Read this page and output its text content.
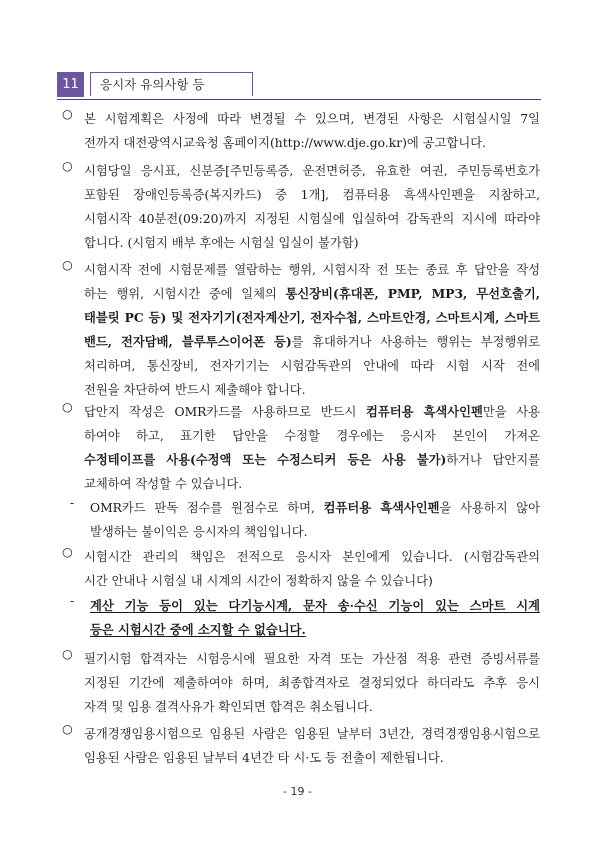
11	응시자 유의사항 등
○ 본 시험계획은 사정에 따라 변경될 수 있으며, 변경된 사항은 시험실시일 7일
전까지 대전광역시교육청 홈페이지(http://www.dje.go.kr)에 공고합니다.
○ 시험당일 응시표, 신분증[주민등록증, 운전면허증, 유효한 여권, 주민등록번호가
포함된 장애인등록증(복지카드) 중 1개], 컴퓨터용 흑색사인펜을 지참하고,
시험시작 40분전(09:20)까지 지정된 시험실에 입실하여 감독관의 지시에 따라야
합니다. (시험지 배부 후에는 시험실 입실이 불가함)
○ 시험시작 전에 시험문제를 열람하는 행위, 시험시작 전 또는 종료 후 답안을 작성
하는 행위, 시험시간 중에 일체의 통신장비(휴대폰, PMP, MP3, 무선호출기,
태블릿 PC 등) 및 전자기기(전자계산기, 전자수첩, 스마트안경, 스마트시계, 스마트
밴드, 전자담배, 블루투스이어폰 등)를 휴대하거나 사용하는 행위는 부정행위로
처리하며, 통신장비, 전자기기는 시험감독관의 안내에 따라 시험 시작 전에
전원을 차단하여 반드시 제출해야 합니다.
○ 답안지 작성은 OMR카드를 사용하므로 반드시 컴퓨터용 흑색사인펜만을 사용
하여야 하고, 표기한 답안을 수정할 경우에는 응시자 본인이 가져온
수정테이프를 사용(수정액 또는 수정스티커 등은 사용 불가)하거나 답안지를
교체하여 작성할 수 있습니다.
-	OMR카드 판독 점수를 원점수로 하며, 컴퓨터용 흑색사인펜을 사용하지 않아
발생하는 불이익은 응시자의 책임입니다.
○ 시험시간 관리의 책임은 전적으로 응시자 본인에게 있습니다. (시험감독관의
시간 안내나 시험실 내 시계의 시간이 정확하지 않을 수 있습니다)
-	계산 기능 등이 있는 다기능시계, 문자 송·수신 기능이 있는 스마트 시계
등은 시험시간 중에 소지할 수 없습니다.
○ 필기시험 합격자는 시험응시에 필요한 자격 또는 가산점 적용 관련 증빙서류를
지정된 기간에 제출하여야 하며, 최종합격자로 결정되었다 하더라도 추후 응시
자격 및 임용 결격사유가 확인되면 합격은 취소됩니다.
○ 공개경쟁임용시험으로 임용된 사람은 임용된 날부터 3년간, 경력경쟁임용시험으로
임용된 사람은 임용된 날부터 4년간 타 시·도 등 전출이 제한됩니다.
- 19 -
